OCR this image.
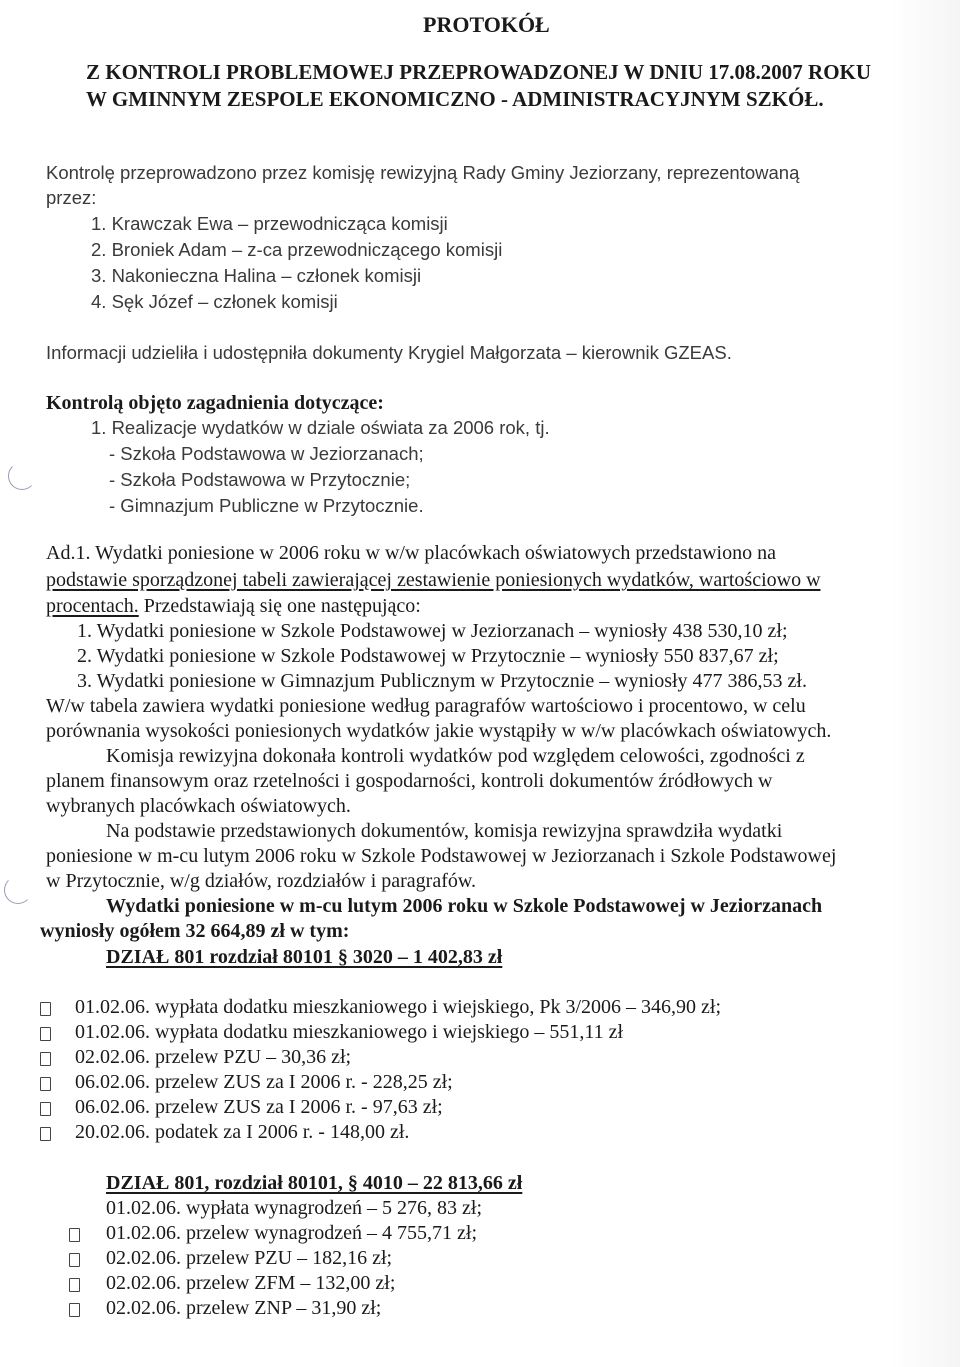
PROTOKÓŁ
Z KONTROLI PROBLEMOWEJ PRZEPROWADZONEJ W DNIU 17.08.2007 ROKU
W GMINNYM ZESPOLE EKONOMICZNO - ADMINISTRACYJNYM SZKÓŁ.
Kontrolę przeprowadzono przez komisję rewizyjną Rady Gminy Jeziorzany, reprezentowaną
przez:
1. Krawczak Ewa – przewodnicząca komisji
2. Broniek Adam – z-ca przewodniczącego komisji
3. Nakonieczna Halina – członek komisji
4. Sęk Józef – członek komisji
Informacji udzieliła i udostępniła dokumenty Krygiel Małgorzata – kierownik GZEAS.
Kontrolą objęto zagadnienia dotyczące:
1. Realizacje wydatków w dziale oświata za 2006 rok, tj.
- Szkoła Podstawowa w Jeziorzanach;
- Szkoła Podstawowa w Przytocznie;
- Gimnazjum Publiczne w Przytocznie.
Ad.1. Wydatki poniesione w 2006 roku w w/w placówkach oświatowych przedstawiono na
podstawie sporządzonej tabeli zawierającej zestawienie poniesionych wydatków, wartościowo w
procentach. Przedstawiają się one następująco:
1. Wydatki poniesione w Szkole Podstawowej w Jeziorzanach – wyniosły 438 530,10 zł;
2. Wydatki poniesione w Szkole Podstawowej w Przytocznie – wyniosły 550 837,67 zł;
3. Wydatki poniesione w Gimnazjum Publicznym w Przytocznie – wyniosły 477 386,53 zł.
W/w tabela zawiera wydatki poniesione według paragrafów wartościowo i procentowo, w celu
porównania wysokości poniesionych wydatków jakie wystąpiły w w/w placówkach oświatowych.
Komisja rewizyjna dokonała kontroli wydatków pod względem celowości, zgodności z
planem finansowym oraz rzetelności i gospodarności, kontroli dokumentów źródłowych w
wybranych placówkach oświatowych.
Na podstawie przedstawionych dokumentów, komisja rewizyjna sprawdziła wydatki
poniesione w m-cu lutym 2006 roku w Szkole Podstawowej w Jeziorzanach i Szkole Podstawowej
w Przytocznie, w/g działów, rozdziałów i paragrafów.
Wydatki poniesione w m-cu lutym 2006 roku w Szkole Podstawowej w Jeziorzanach
wyniosły ogółem 32 664,89 zł w tym:
DZIAŁ 801 rozdział 80101 § 3020 – 1 402,83 zł
01.02.06. wypłata dodatku mieszkaniowego i wiejskiego, Pk 3/2006 – 346,90 zł;
01.02.06. wypłata dodatku mieszkaniowego i wiejskiego – 551,11 zł
02.02.06. przelew PZU – 30,36 zł;
06.02.06. przelew ZUS za I 2006 r. - 228,25 zł;
06.02.06. przelew ZUS za I 2006 r. - 97,63 zł;
20.02.06. podatek za I 2006 r. - 148,00 zł.
DZIAŁ 801, rozdział 80101, § 4010 – 22 813,66 zł
01.02.06. wypłata wynagrodzeń – 5 276, 83 zł;
01.02.06. przelew wynagrodzeń – 4 755,71 zł;
02.02.06. przelew PZU – 182,16 zł;
02.02.06. przelew ZFM – 132,00 zł;
02.02.06. przelew ZNP – 31,90 zł;
